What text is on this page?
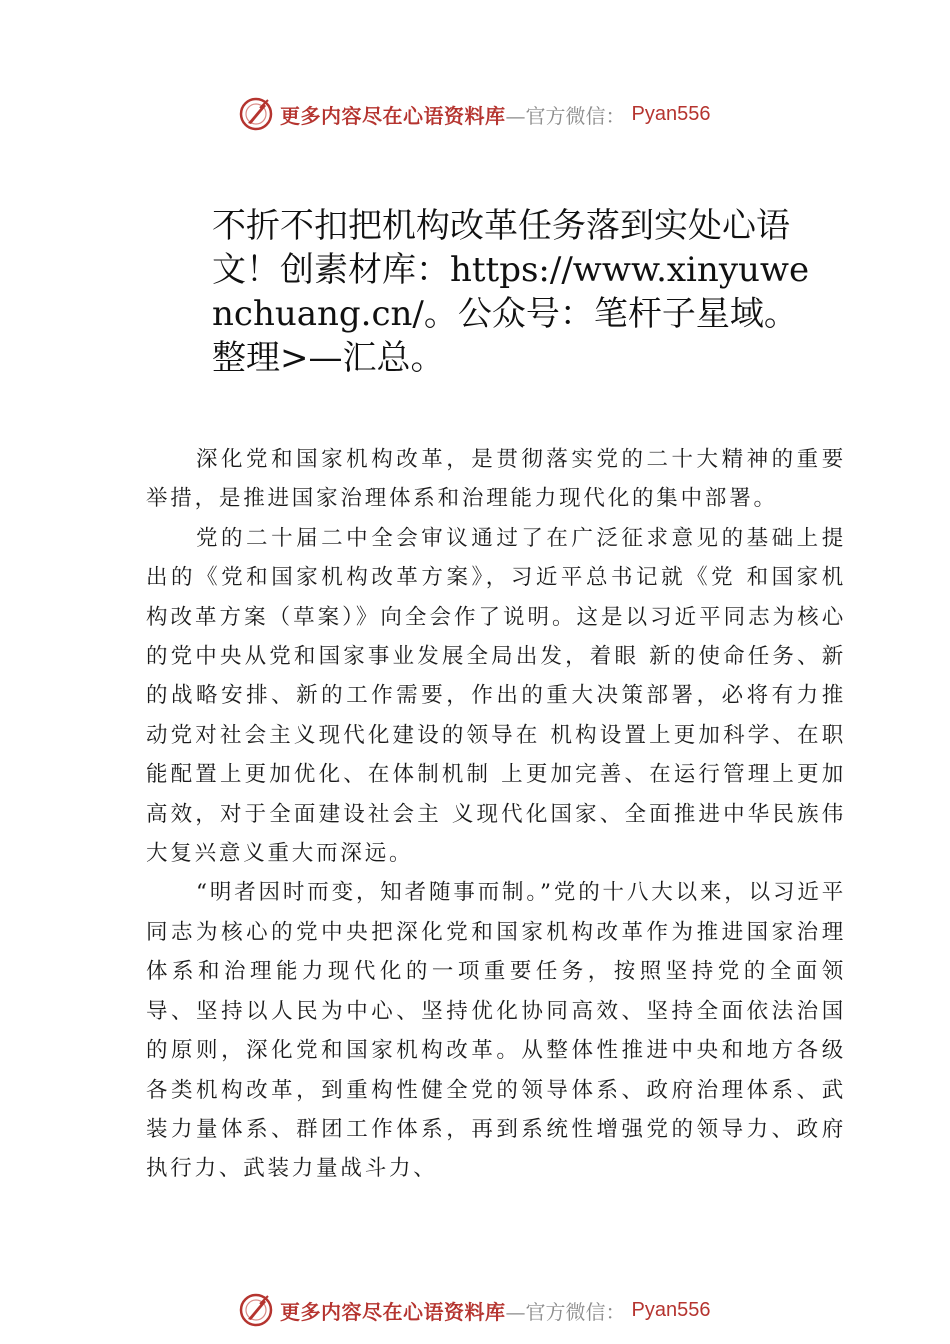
更多内容尽在心语资料库 —官方微信： Pyan556
不折不扣把机构改革任务落到实处心语文！创素材库：https://www.xinyuwenchuang.cn/。公众号：笔杆子星域。整理>—汇总。

深化党和国家机构改革，是贯彻落实党的二十大精神的重要举措，是推进国家治理体系和治理能力现代化的集中部署。

党的二十届二中全会审议通过了在广泛征求意见的基础上提出的《党和国家机构改革方案》，习近平总书记就《党 和国家机构改革方案（草案）》向全会作了说明。这是以习近平同志为核心的党中央从党和国家事业发展全局出发，着眼 新的使命任务、新的战略安排、新的工作需要，作出的重大决策部署，必将有力推动党对社会主义现代化建设的领导在 机构设置上更加科学、在职能配置上更加优化、在体制机制 上更加完善、在运行管理上更加高效，对于全面建设社会主 义现代化国家、全面推进中华民族伟大复兴意义重大而深远。

“明者因时而变，知者随事而制。”党的十八大以来，以习近平同志为核心的党中央把深化党和国家机构改革作为推进国家治理体系和治理能力现代化的一项重要任务，按照坚持党的全面领导、坚持以人民为中心、坚持优化协同高效、坚持全面依法治国的原则，深化党和国家机构改革。从整体性推进中央和地方各级各类机构改革，到重构性健全党的领导体系、政府治理体系、武装力量体系、群团工作体系，再到系统性增强党的领导力、政府执行力、武装力量战斗力、

更多内容尽在心语资料库 —官方微信： Pyan556
